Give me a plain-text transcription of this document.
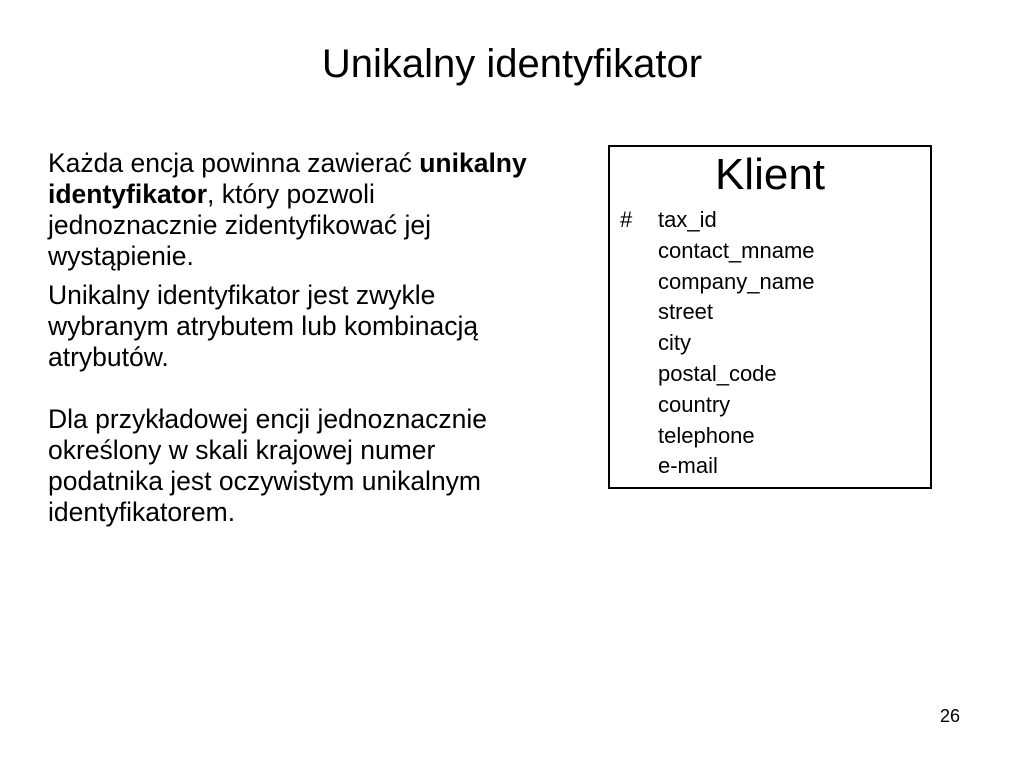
Unikalny identyfikator

Każda encja powinna zawierać unikalny identyfikator, który pozwoli jednoznacznie zidentyfikować jej wystąpienie.

Unikalny identyfikator jest zwykle wybranym atrybutem lub kombinacją atrybutów.

Dla przykładowej encji jednoznacznie określony w skali krajowej numer podatnika jest oczywistym unikalnym identyfikatorem.

Klient
# tax_id
contact_mname
company_name
street
city
postal_code
country
telephone
e-mail
26
